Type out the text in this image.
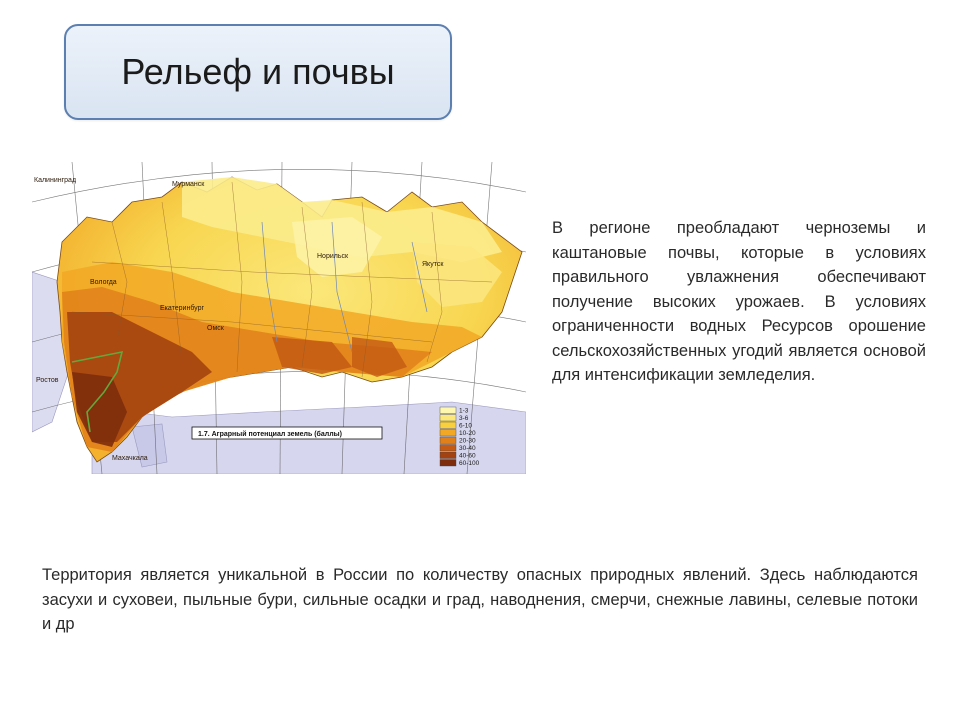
Рельеф и почвы
Калининград
Мурманск
Вологда
Ростов
Махачкала
Норильск
Якутск
Екатеринбург
Омск
1.7. Аграрный потенциал земель (баллы)
1-3
3-6
6-10
10-20
20-30
30-40
40-60
60-100

В регионе преобладают черноземы и каштановые почвы, которые в условиях правильного увлажнения обеспечивают получение высоких урожаев. В условиях ограниченности водных Ресурсов орошение сельскохозяйственных угодий является основой для интенсификации земледелия.

Территория является уникальной в России по количеству опасных природных явлений. Здесь наблюдаются засухи и суховеи, пыльные бури, сильные осадки и град, наводнения, смерчи, снежные лавины, селевые потоки и др
